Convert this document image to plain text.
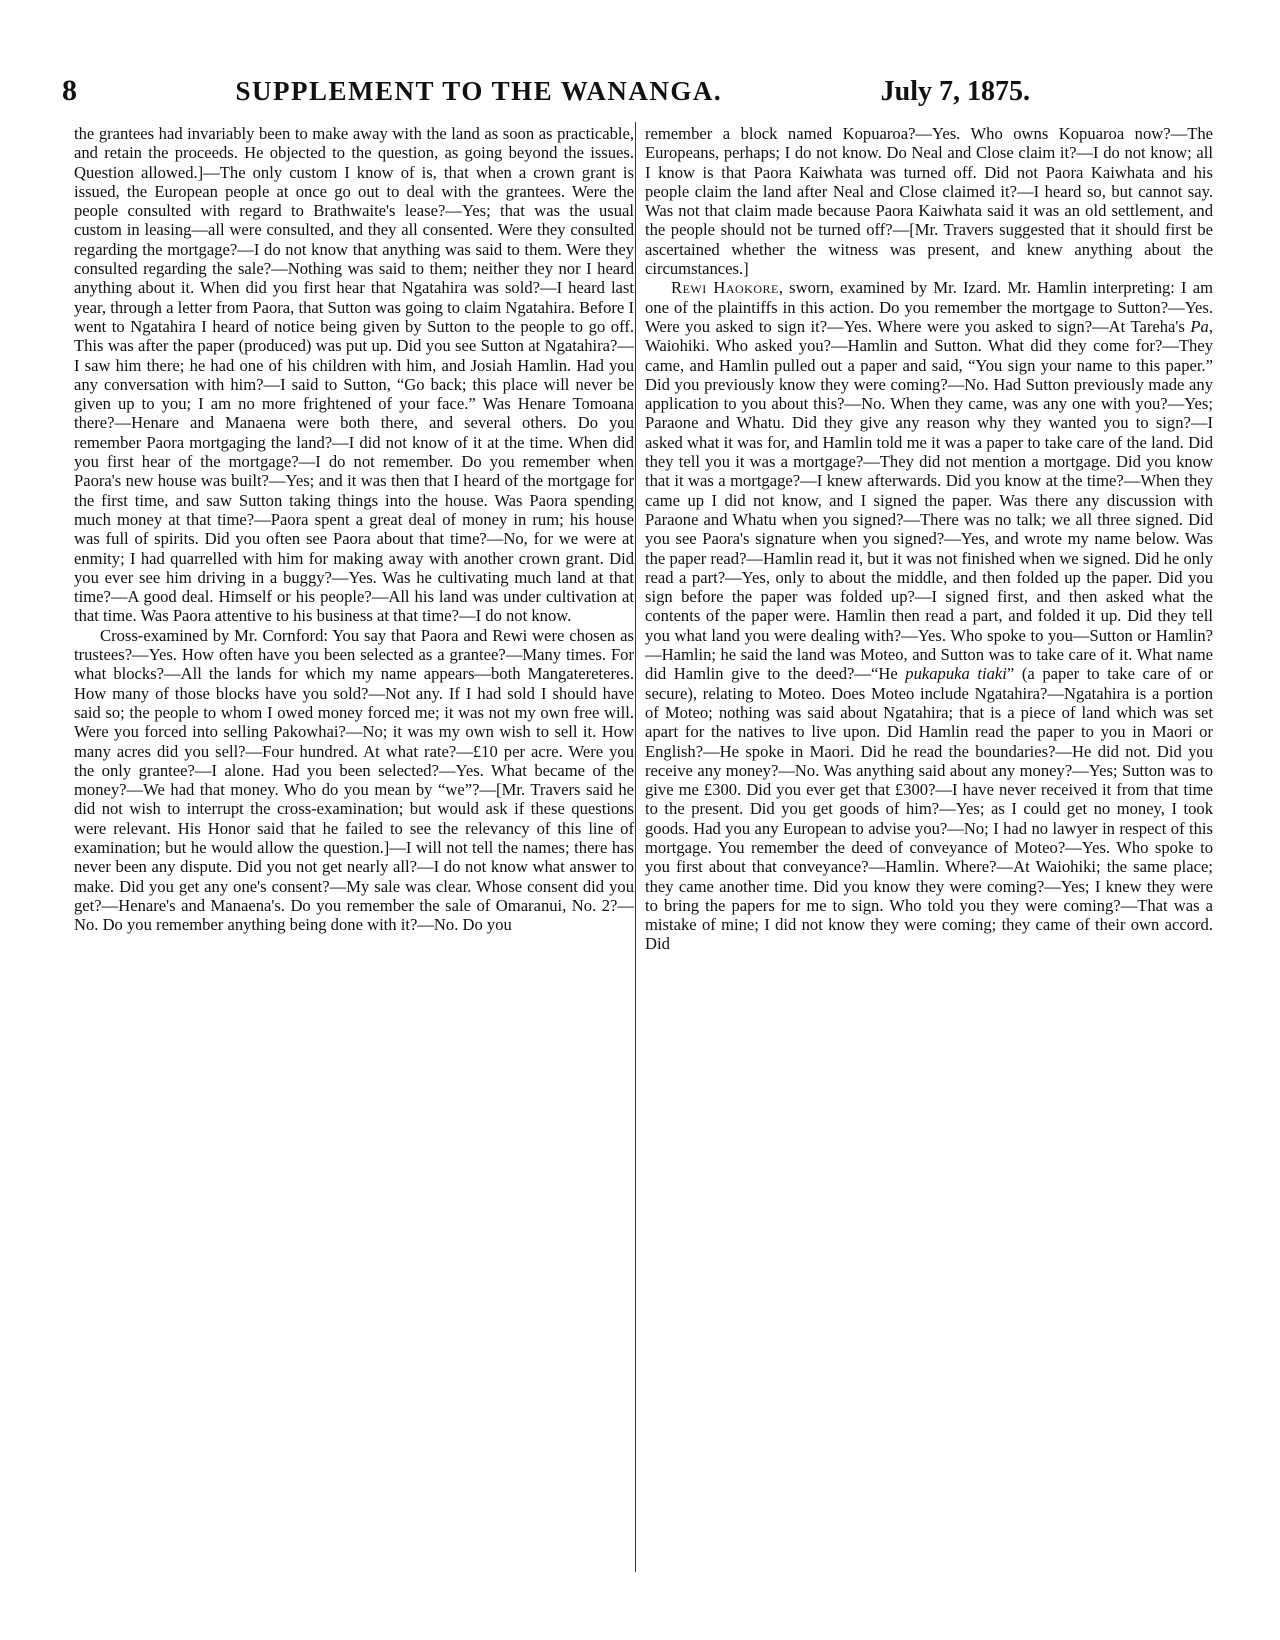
8	SUPPLEMENT TO THE WANANGA.	July 7, 1875.

the grantees had invariably been to make away with the land as soon as practicable, and retain the proceeds. He objected to the question, as going beyond the issues. Question allowed.]—The only custom I know of is, that when a crown grant is issued, the European people at once go out to deal with the grantees. Were the people consulted with regard to Brathwaite's lease?—Yes; that was the usual custom in leasing—all were consulted, and they all consented. Were they consulted regarding the mortgage?—I do not know that anything was said to them. Were they consulted regarding the sale?—Nothing was said to them; neither they nor I heard anything about it. When did you first hear that Ngatahira was sold?—I heard last year, through a letter from Paora, that Sutton was going to claim Ngatahira. Before I went to Ngatahira I heard of notice being given by Sutton to the people to go off. This was after the paper (produced) was put up. Did you see Sutton at Ngatahira?—I saw him there; he had one of his children with him, and Josiah Hamlin. Had you any conversation with him?—I said to Sutton, “Go back; this place will never be given up to you; I am no more frightened of your face.” Was Henare Tomoana there?—Henare and Manaena were both there, and several others. Do you remember Paora mortgaging the land?—I did not know of it at the time. When did you first hear of the mortgage?—I do not remember. Do you remember when Paora's new house was built?—Yes; and it was then that I heard of the mortgage for the first time, and saw Sutton taking things into the house. Was Paora spending much money at that time?—Paora spent a great deal of money in rum; his house was full of spirits. Did you often see Paora about that time?—No, for we were at enmity; I had quarrelled with him for making away with another crown grant. Did you ever see him driving in a buggy?—Yes. Was he cultivating much land at that time?—A good deal. Himself or his people?—All his land was under cultivation at that time. Was Paora attentive to his business at that time?—I do not know.

Cross-examined by Mr. Cornford: You say that Paora and Rewi were chosen as trustees?—Yes. How often have you been selected as a grantee?—Many times. For what blocks?—All the lands for which my name appears—both Mangatereteres. How many of those blocks have you sold?—Not any. If I had sold I should have said so; the people to whom I owed money forced me; it was not my own free will. Were you forced into selling Pakowhai?—No; it was my own wish to sell it. How many acres did you sell?—Four hundred. At what rate?—£10 per acre. Were you the only grantee?—I alone. Had you been selected?—Yes. What became of the money?—We had that money. Who do you mean by “we”?—[Mr. Travers said he did not wish to interrupt the cross-examination; but would ask if these questions were relevant. His Honor said that he failed to see the relevancy of this line of examination; but he would allow the question.]—I will not tell the names; there has never been any dispute. Did you not get nearly all?—I do not know what answer to make. Did you get any one's consent?—My sale was clear. Whose consent did you get?—Henare's and Manaena's. Do you remember the sale of Omaranui, No. 2?—No. Do you remember anything being done with it?—No. Do you

remember a block named Kopuaroa?—Yes. Who owns Kopuaroa now?—The Europeans, perhaps; I do not know. Do Neal and Close claim it?—I do not know; all I know is that Paora Kaiwhata was turned off. Did not Paora Kaiwhata and his people claim the land after Neal and Close claimed it?—I heard so, but cannot say. Was not that claim made because Paora Kaiwhata said it was an old settlement, and the people should not be turned off?—[Mr. Travers suggested that it should first be ascertained whether the witness was present, and knew anything about the circumstances.]

Rewi Haokore, sworn, examined by Mr. Izard. Mr. Hamlin interpreting: I am one of the plaintiffs in this action. Do you remember the mortgage to Sutton?—Yes. Were you asked to sign it?—Yes. Where were you asked to sign?—At Tareha's Pa, Waiohiki. Who asked you?—Hamlin and Sutton. What did they come for?—They came, and Hamlin pulled out a paper and said, “You sign your name to this paper.” Did you previously know they were coming?—No. Had Sutton previously made any application to you about this?—No. When they came, was any one with you?—Yes; Paraone and Whatu. Did they give any reason why they wanted you to sign?—I asked what it was for, and Hamlin told me it was a paper to take care of the land. Did they tell you it was a mortgage?—They did not mention a mortgage. Did you know that it was a mortgage?—I knew afterwards. Did you know at the time?—When they came up I did not know, and I signed the paper. Was there any discussion with Paraone and Whatu when you signed?—There was no talk; we all three signed. Did you see Paora's signature when you signed?—Yes, and wrote my name below. Was the paper read?—Hamlin read it, but it was not finished when we signed. Did he only read a part?—Yes, only to about the middle, and then folded up the paper. Did you sign before the paper was folded up?—I signed first, and then asked what the contents of the paper were. Hamlin then read a part, and folded it up. Did they tell you what land you were dealing with?—Yes. Who spoke to you—Sutton or Hamlin?—Hamlin; he said the land was Moteo, and Sutton was to take care of it. What name did Hamlin give to the deed?—“He pukapuka tiaki” (a paper to take care of or secure), relating to Moteo. Does Moteo include Ngatahira?—Ngatahira is a portion of Moteo; nothing was said about Ngatahira; that is a piece of land which was set apart for the natives to live upon. Did Hamlin read the paper to you in Maori or English?—He spoke in Maori. Did he read the boundaries?—He did not. Did you receive any money?—No. Was anything said about any money?—Yes; Sutton was to give me £300. Did you ever get that £300?—I have never received it from that time to the present. Did you get goods of him?—Yes; as I could get no money, I took goods. Had you any European to advise you?—No; I had no lawyer in respect of this mortgage. You remember the deed of conveyance of Moteo?—Yes. Who spoke to you first about that conveyance?—Hamlin. Where?—At Waiohiki; the same place; they came another time. Did you know they were coming?—Yes; I knew they were to bring the papers for me to sign. Who told you they were coming?—That was a mistake of mine; I did not know they were coming; they came of their own accord. Did
